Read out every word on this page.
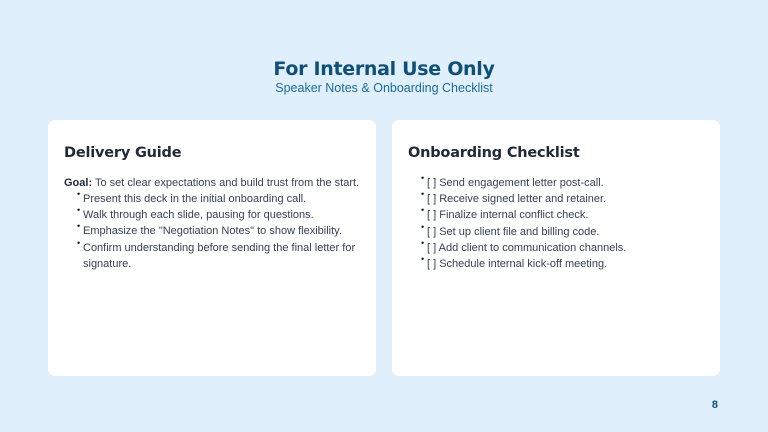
For Internal Use Only
Speaker Notes & Onboarding Checklist
Delivery Guide

Goal: To set clear expectations and build trust from the start.

• Present this deck in the initial onboarding call.
• Walk through each slide, pausing for questions.
• Emphasize the "Negotiation Notes" to show flexibility.
• Confirm understanding before sending the final letter for signature.
Onboarding Checklist
• [ ] Send engagement letter post-call.
• [ ] Receive signed letter and retainer.
• [ ] Finalize internal conflict check.
• [ ] Set up client file and billing code.
• [ ] Add client to communication channels.
• [ ] Schedule internal kick-off meeting.
8
